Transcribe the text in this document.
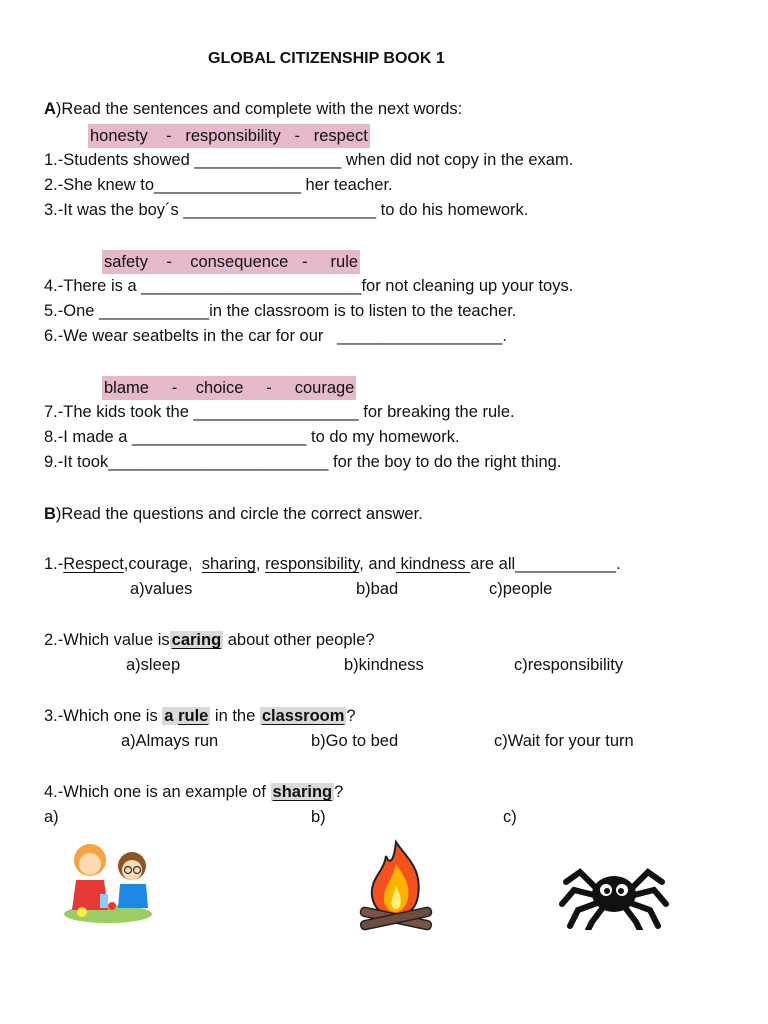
GLOBAL CITIZENSHIP BOOK 1
A)Read the sentences and complete with the next words:
honesty    -   responsibility   -   respect
1.-Students showed ________________ when did not copy in the exam.
2.-She knew to________________ her teacher.
3.-It was the boy´s _____________________ to do his homework.
safety    -    consequence   -     rule
4.-There is a ________________________for not cleaning up your toys.
5.-One ____________in the classroom is to listen to the teacher.
6.-We wear seatbelts in the car for our   __________________.
blame     -    choice     -     courage
7.-The kids took the __________________ for breaking the rule.
8.-I made a ___________________ to do my homework.
9.-It took________________________ for the boy to do the right thing.
B)Read the questions and circle the correct answer.
1.-Respect,courage,  sharing, responsibility, and kindness are all___________.
a)values	b)bad	c)people
2.-Which value is caring about other people?
a)sleep	b)kindness	c)responsibility
3.-Which one is a rule in the classroom ?
a)Almays run	b)Go to bed	c)Wait for your turn
4.-Which one is an example of sharing ?
a)	b)	c)
